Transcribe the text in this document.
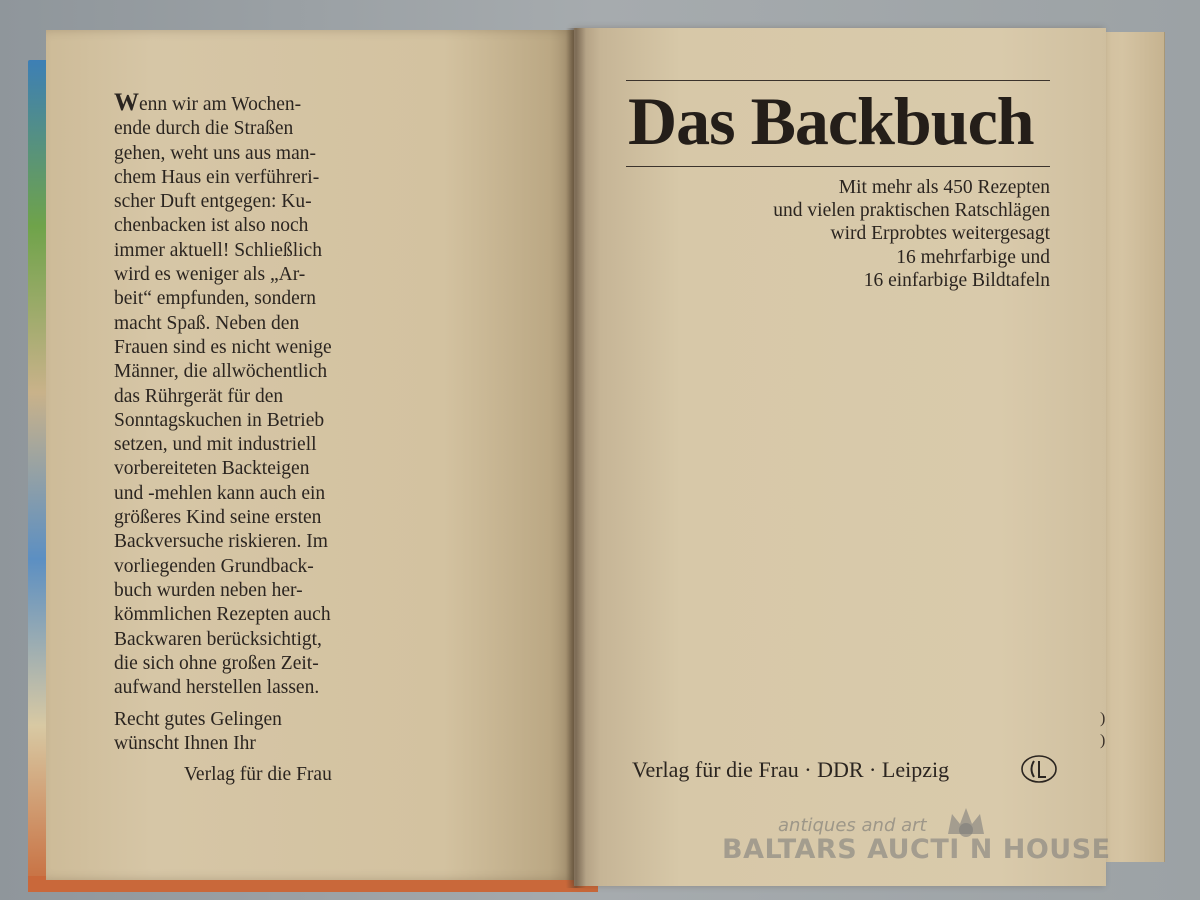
Wenn wir am Wochen-
ende durch die Straßen
gehen, weht uns aus man-
chem Haus ein verführeri-
scher Duft entgegen: Ku-
chenbacken ist also noch
immer aktuell! Schließlich
wird es weniger als „Ar-
beit“ empfunden, sondern
macht Spaß. Neben den
Frauen sind es nicht wenige
Männer, die allwöchentlich
das Rührgerät für den
Sonntagskuchen in Betrieb
setzen, und mit industriell
vorbereiteten Backteigen
und -mehlen kann auch ein
größeres Kind seine ersten
Backversuche riskieren. Im
vorliegenden Grundback-
buch wurden neben her-
kömmlichen Rezepten auch
Backwaren berücksichtigt,
die sich ohne großen Zeit-
aufwand herstellen lassen.
Recht gutes Gelingen
wünscht Ihnen Ihr
Verlag für die Frau
Das Backbuch
Mit mehr als 450 Rezepten
und vielen praktischen Ratschlägen
wird Erprobtes weitergesagt
16 mehrfarbige und
16 einfarbige Bildtafeln
Verlag für die Frau · DDR · Leipzig
)
)
antiques and art
BALTARS AUCTI N HOUSE
